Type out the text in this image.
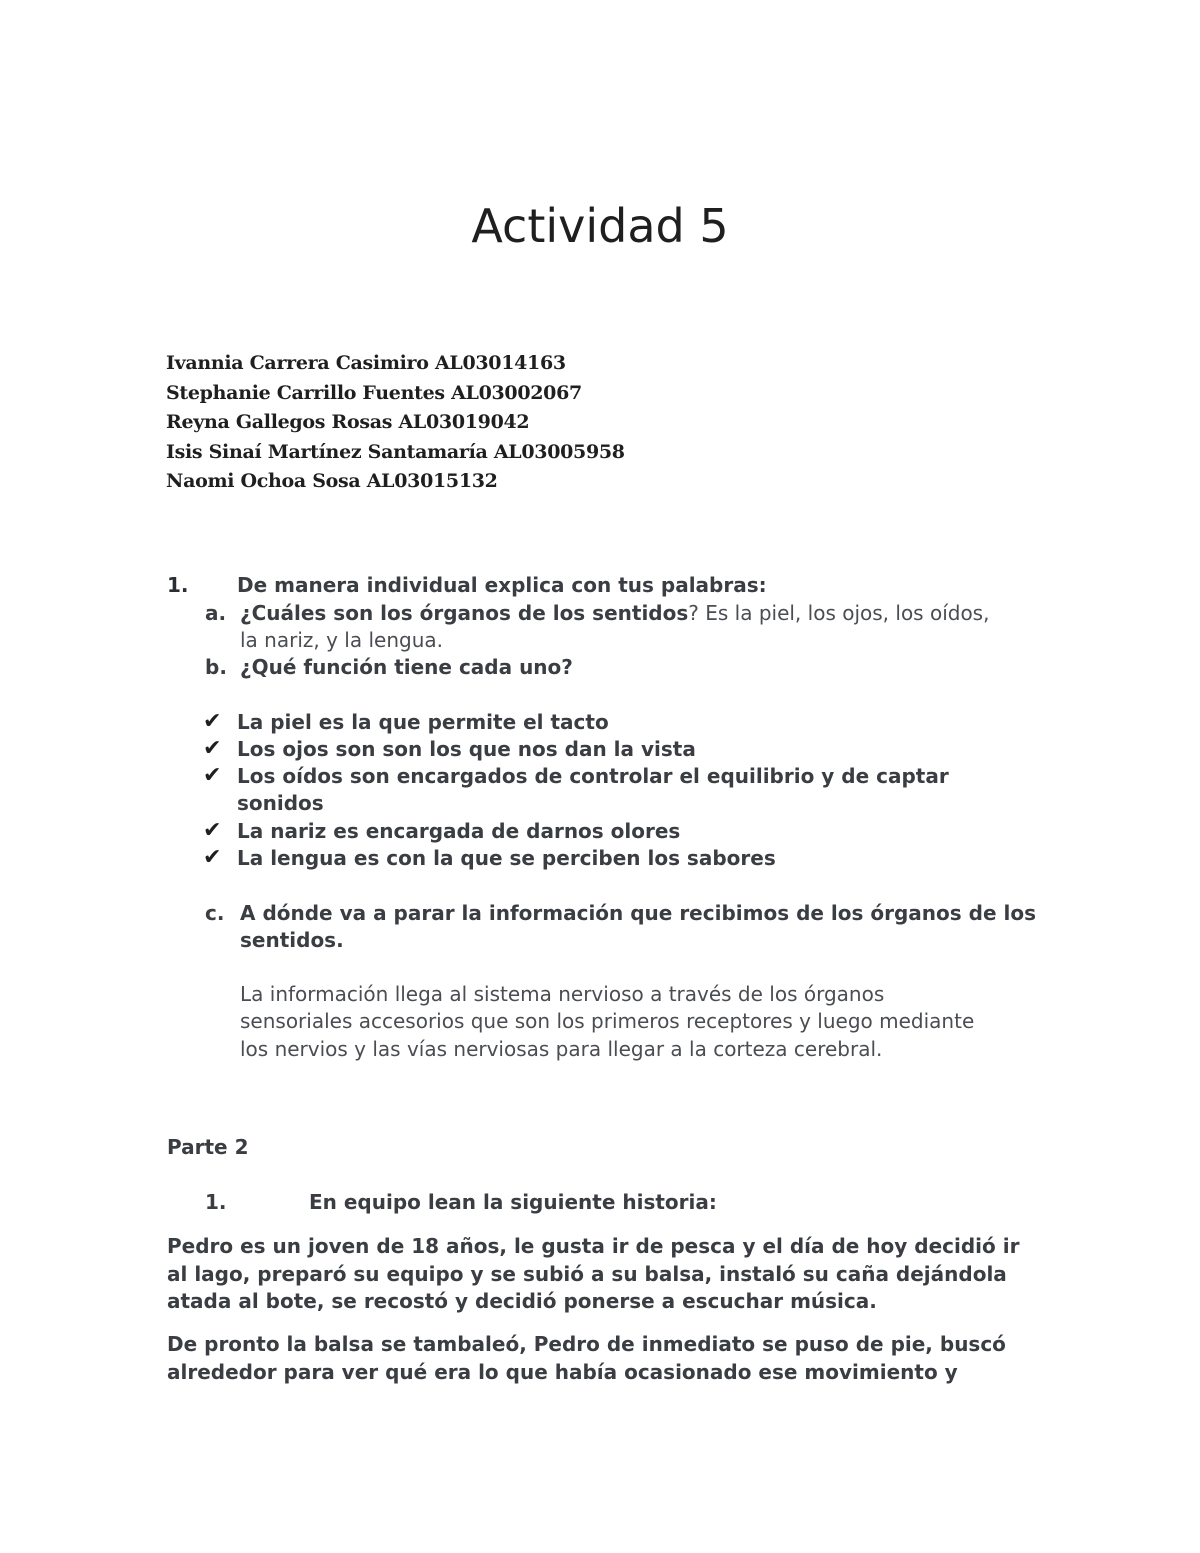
Actividad 5
Ivannia Carrera Casimiro AL03014163
Stephanie Carrillo Fuentes AL03002067
Reyna Gallegos Rosas AL03019042
Isis Sinaí Martínez Santamaría AL03005958
Naomi Ochoa Sosa AL03015132
1. De manera individual explica con tus palabras:
a. ¿Cuáles son los órganos de los sentidos? Es la piel, los ojos, los oídos,
la nariz, y la lengua.
b. ¿Qué función tiene cada uno?
✔ La piel es la que permite el tacto
✔ Los ojos son son los que nos dan la vista
✔ Los oídos son encargados de controlar el equilibrio y de captar
sonidos
✔ La nariz es encargada de darnos olores
✔ La lengua es con la que se perciben los sabores
c. A dónde va a parar la información que recibimos de los órganos de los
sentidos.
La información llega al sistema nervioso a través de los órganos
sensoriales accesorios que son los primeros receptores y luego mediante
los nervios y las vías nerviosas para llegar a la corteza cerebral.
Parte 2
1.	En equipo lean la siguiente historia:
Pedro es un joven de 18 años, le gusta ir de pesca y el día de hoy decidió ir
al lago, preparó su equipo y se subió a su balsa, instaló su caña dejándola
atada al bote, se recostó y decidió ponerse a escuchar música.
De pronto la balsa se tambaleó, Pedro de inmediato se puso de pie, buscó
alrededor para ver qué era lo que había ocasionado ese movimiento y
